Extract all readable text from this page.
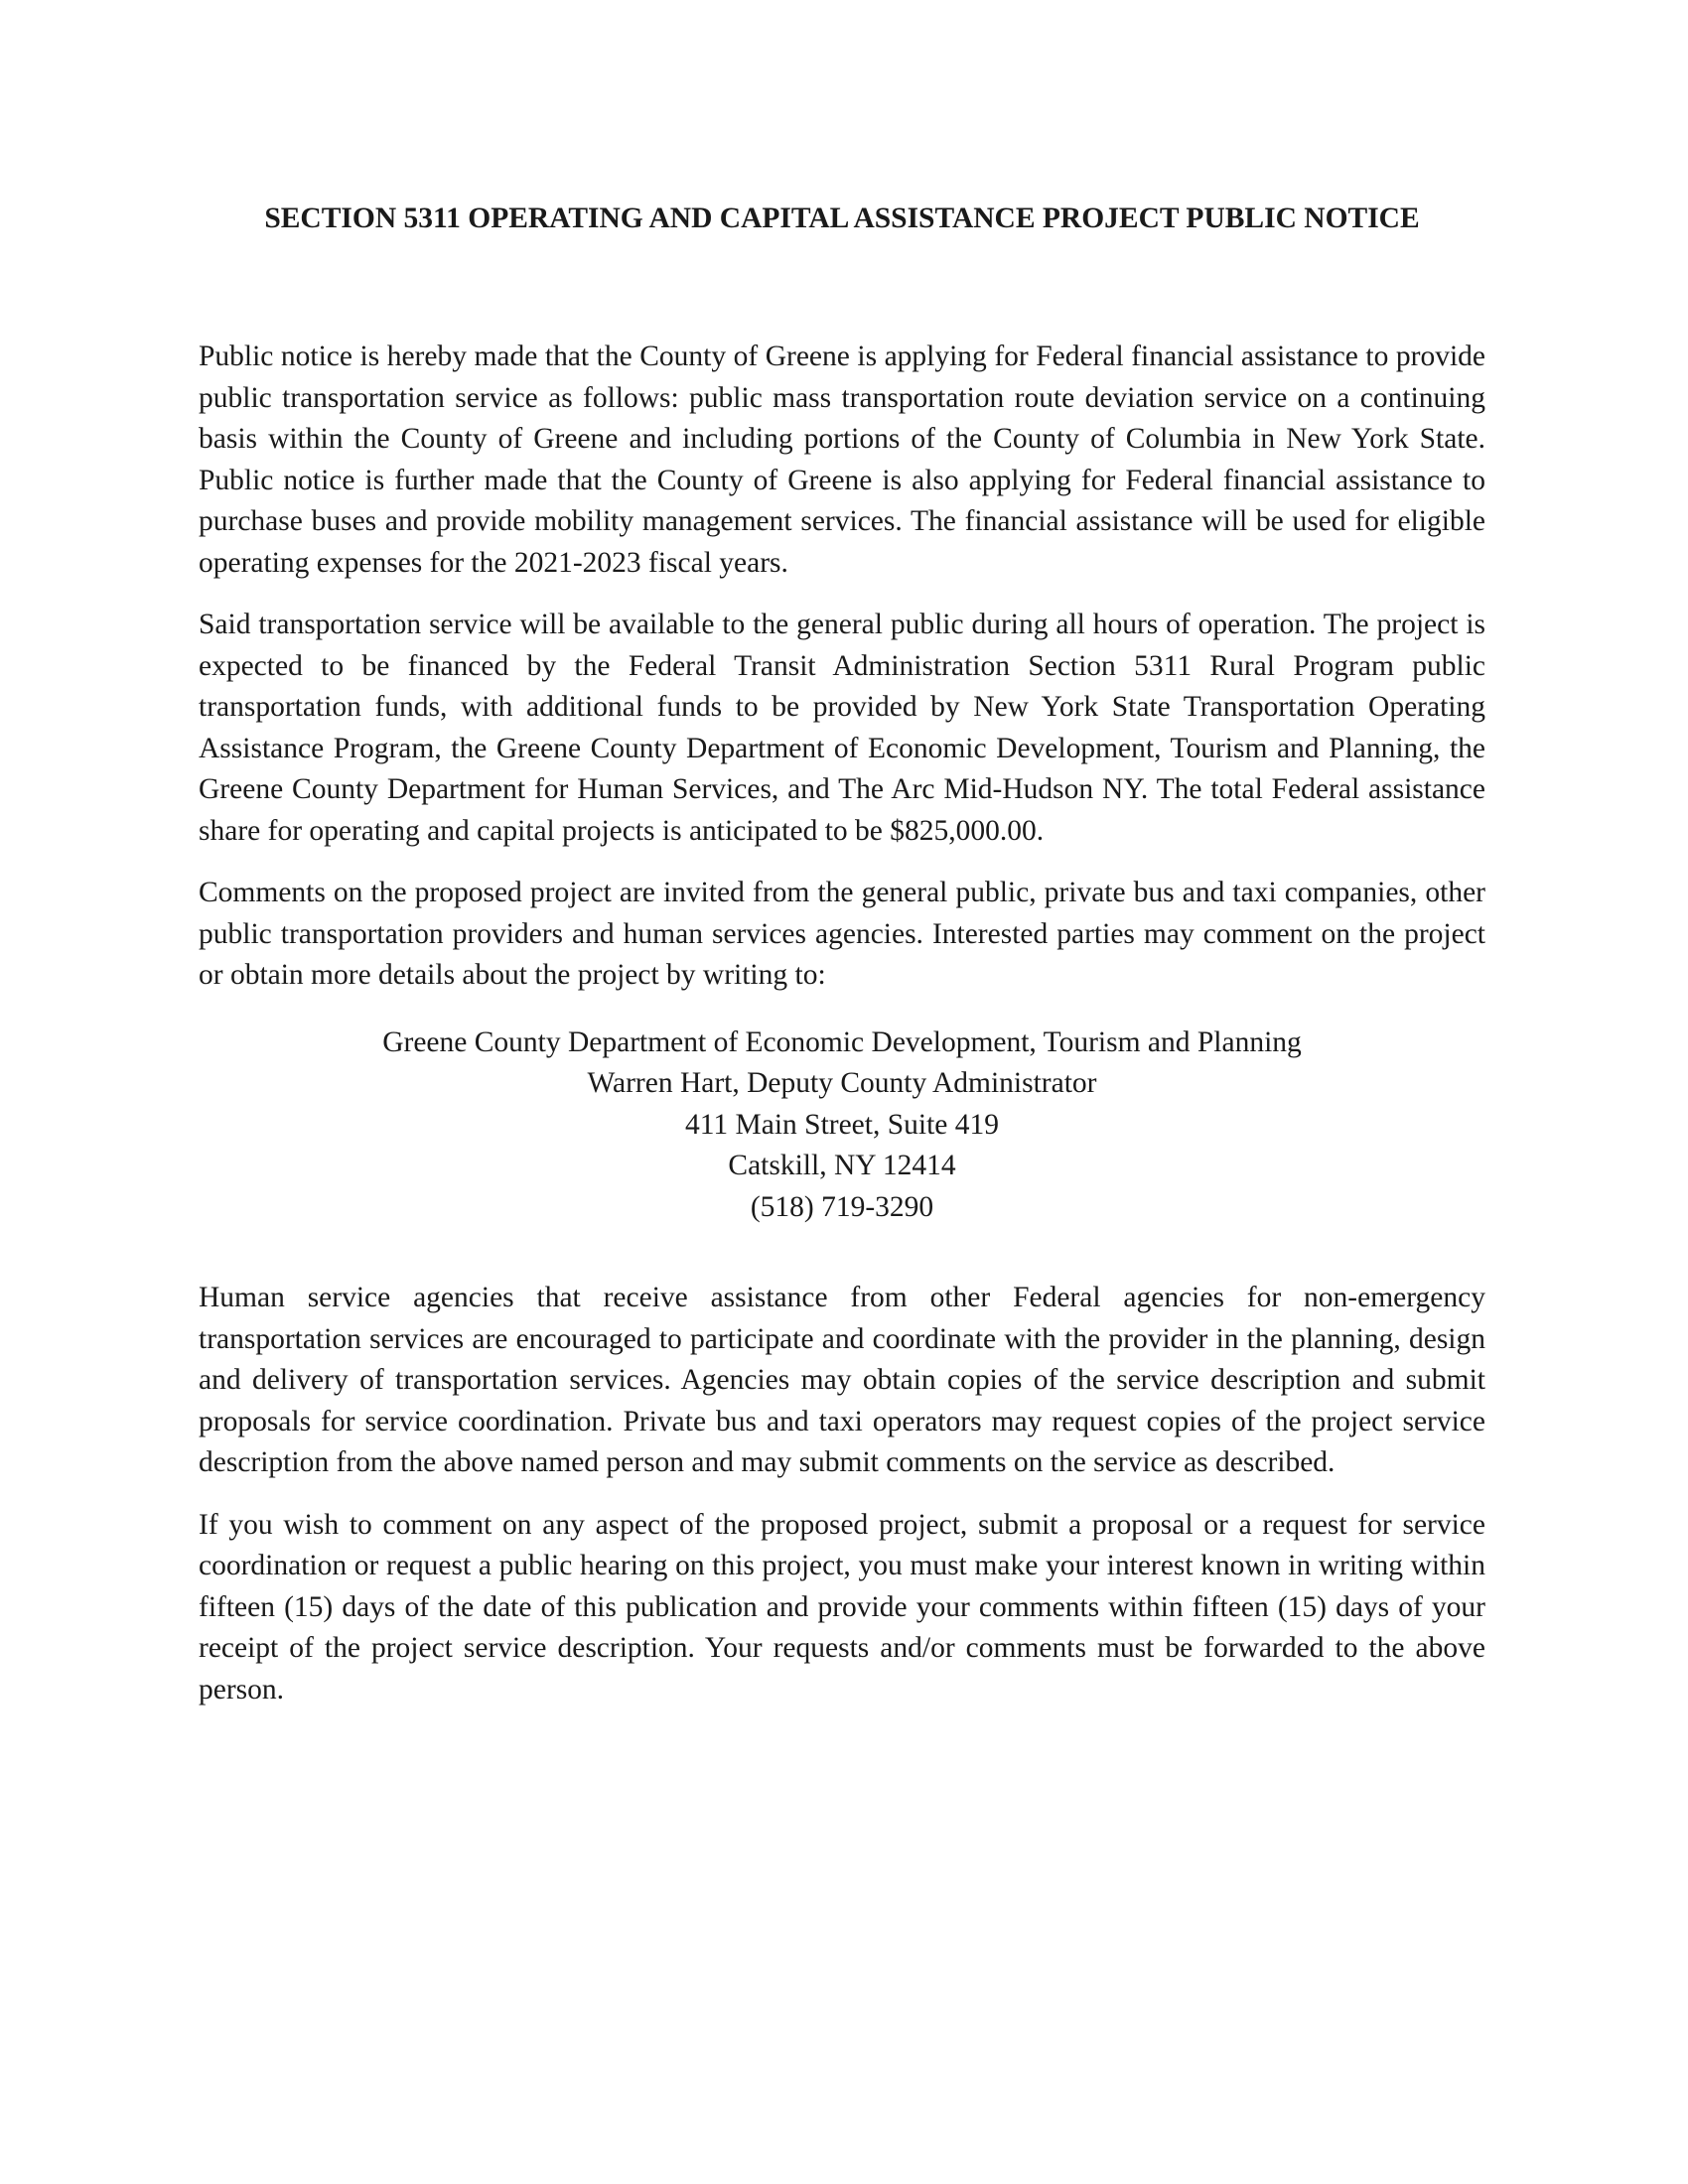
SECTION 5311 OPERATING AND CAPITAL ASSISTANCE PROJECT PUBLIC NOTICE

Public notice is hereby made that the County of Greene is applying for Federal financial assistance to provide public transportation service as follows: public mass transportation route deviation service on a continuing basis within the County of Greene and including portions of the County of Columbia in New York State. Public notice is further made that the County of Greene is also applying for Federal financial assistance to purchase buses and provide mobility management services. The financial assistance will be used for eligible operating expenses for the 2021-2023 fiscal years.

Said transportation service will be available to the general public during all hours of operation. The project is expected to be financed by the Federal Transit Administration Section 5311 Rural Program public transportation funds, with additional funds to be provided by New York State Transportation Operating Assistance Program, the Greene County Department of Economic Development, Tourism and Planning, the Greene County Department for Human Services, and The Arc Mid-Hudson NY. The total Federal assistance share for operating and capital projects is anticipated to be $825,000.00.

Comments on the proposed project are invited from the general public, private bus and taxi companies, other public transportation providers and human services agencies. Interested parties may comment on the project or obtain more details about the project by writing to:

Greene County Department of Economic Development, Tourism and Planning
Warren Hart, Deputy County Administrator
411 Main Street, Suite 419
Catskill, NY 12414
(518) 719-3290

Human service agencies that receive assistance from other Federal agencies for non-emergency transportation services are encouraged to participate and coordinate with the provider in the planning, design and delivery of transportation services. Agencies may obtain copies of the service description and submit proposals for service coordination. Private bus and taxi operators may request copies of the project service description from the above named person and may submit comments on the service as described.

If you wish to comment on any aspect of the proposed project, submit a proposal or a request for service coordination or request a public hearing on this project, you must make your interest known in writing within fifteen (15) days of the date of this publication and provide your comments within fifteen (15) days of your receipt of the project service description. Your requests and/or comments must be forwarded to the above person.
